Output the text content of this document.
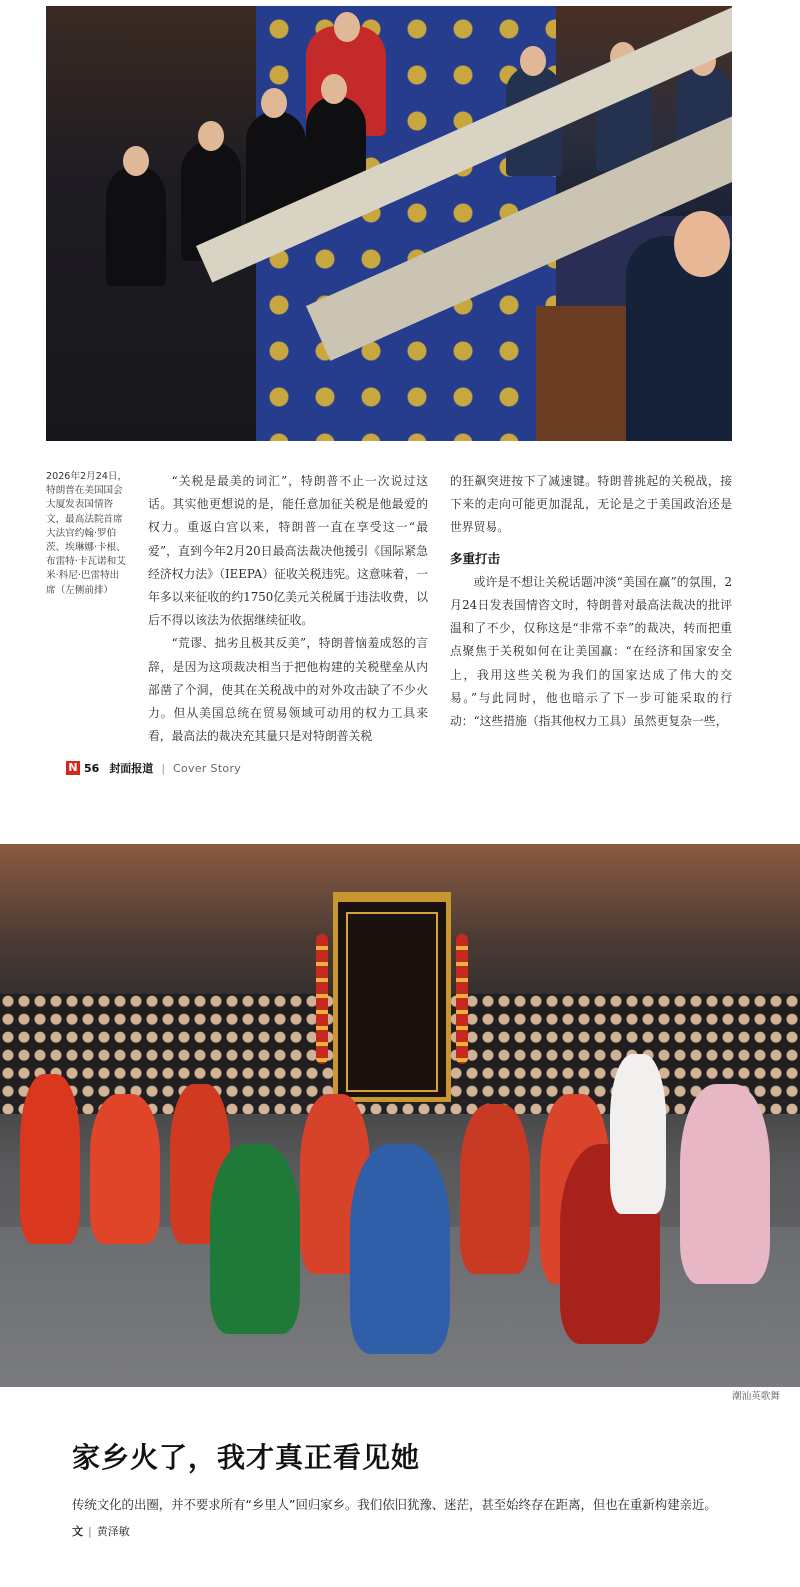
2026年2月24日，特朗普在美国国会大厦发表国情咨文，最高法院首席大法官约翰·罗伯茨、埃琳娜·卡根、布雷特·卡瓦诺和艾米·科尼·巴雷特出席（左侧前排）

“关税是最美的词汇”，特朗普不止一次说过这话。其实他更想说的是，能任意加征关税是他最爱的权力。重返白宫以来，特朗普一直在享受这一“最爱”，直到今年2月20日最高法裁决他援引《国际紧急经济权力法》（IEEPA）征收关税违宪。这意味着，一年多以来征收的约1750亿美元关税属于违法收费，以后不得以该法为依据继续征收。

“荒谬、拙劣且极其反美”，特朗普恼羞成怒的言辞，是因为这项裁决相当于把他构建的关税壁垒从内部凿了个洞，使其在关税战中的对外攻击缺了不少火力。但从美国总统在贸易领域可动用的权力工具来看，最高法的裁决充其量只是对特朗普关税

的狂飙突进按下了减速键。特朗普挑起的关税战，接下来的走向可能更加混乱，无论是之于美国政治还是世界贸易。

多重打击

或许是不想让关税话题冲淡“美国在赢”的氛围，2月24日发表国情咨文时，特朗普对最高法裁决的批评温和了不少，仅称这是“非常不幸”的裁决，转而把重点聚焦于关税如何在让美国赢：“在经济和国家安全上，我用这些关税为我们的国家达成了伟大的交易。”与此同时，他也暗示了下一步可能采取的行动：“这些措施（指其他权力工具）虽然更复杂一些，

N 56 封面报道 | Cover Story
潮汕英歌舞
家乡火了，我才真正看见她
传统文化的出圈，并不要求所有“乡里人”回归家乡。我们依旧犹豫、迷茫，甚至始终存在距离，但也在重新构建亲近。
文 | 黄泽敏
